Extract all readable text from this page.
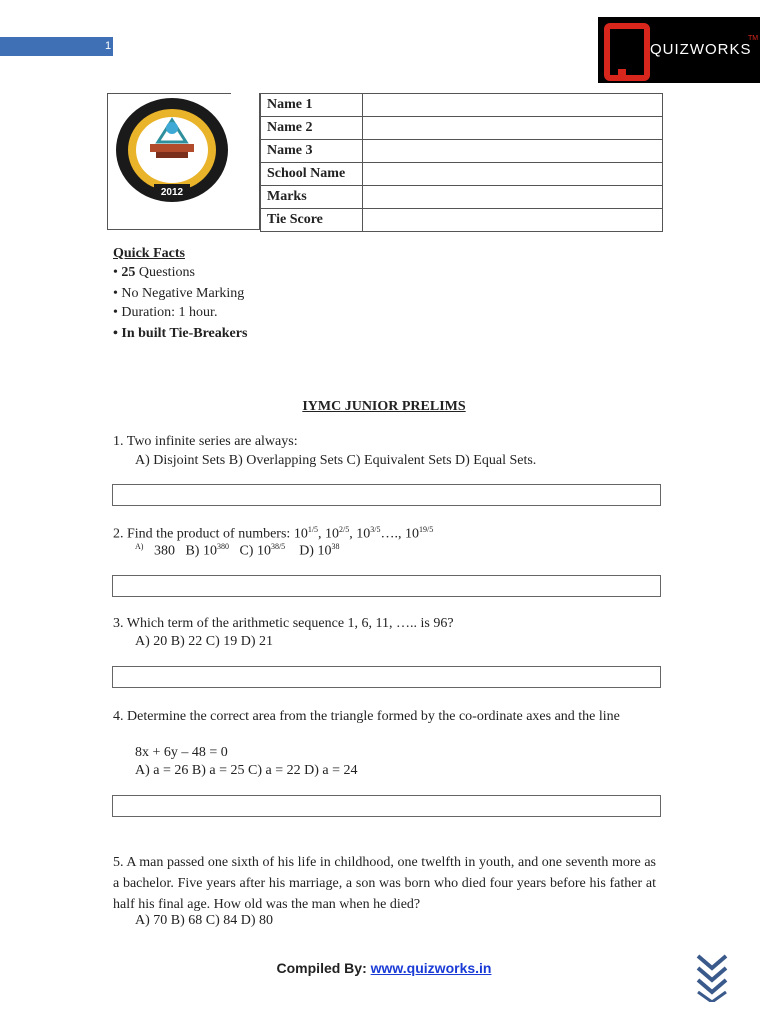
1	QUIZWORKS
TM
2012
Name 1	
Name 2	
Name 3	
School Name	
Marks	
Tie Score	
Quick Facts
• 25 Questions
• No Negative Marking
• Duration: 1 hour.
• In built Tie-Breakers
IYMC JUNIOR PRELIMS
1. Two infinite series are always:
A) Disjoint Sets B) Overlapping Sets C) Equivalent Sets D) Equal Sets.
2. Find the product of numbers: $10^{1/5}$, $10^{2/5}$, $10^{3/5}\dots$., $10^{19/5}$
$^{A)}$   380   B) $10^{380}$   C) $10^{38/5}$    D) $10^{38}$
3. Which term of the arithmetic sequence 1, 6, 11, ….. is 96?
A) 20 B) 22 C) 19 D) 21
4. Determine the correct area from the triangle formed by the co-ordinate axes and the line
8x + 6y – 48 = 0
A) a = 26 B) a = 25 C) a = 22 D) a = 24
5. A man passed one sixth of his life in childhood, one twelfth in youth, and one seventh more as a bachelor. Five years after his marriage, a son was born who died four years before his father at half his final age. How old was the man when he died?
A) 70 B) 68 C) 84 D) 80
Compiled By: www.quizworks.in
